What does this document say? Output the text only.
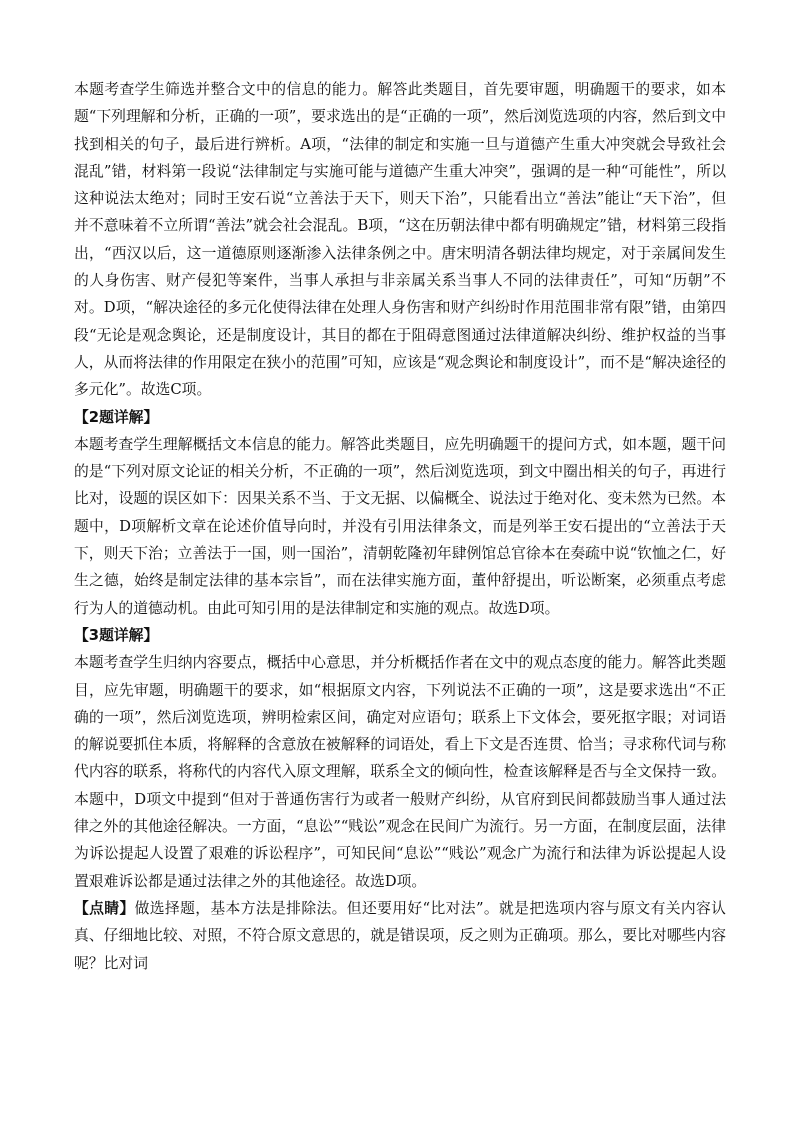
本题考查学生筛选并整合文中的信息的能力。解答此类题目，首先要审题，明确题干的要求，如本题“下列理解和分析，正确的一项”，要求选出的是“正确的一项”，然后浏览选项的内容，然后到文中找到相关的句子，最后进行辨析。A项，“法律的制定和实施一旦与道德产生重大冲突就会导致社会混乱”错，材料第一段说“法律制定与实施可能与道德产生重大冲突”，强调的是一种“可能性”，所以这种说法太绝对；同时王安石说“立善法于天下，则天下治”，只能看出立“善法”能让“天下治”，但并不意味着不立所谓“善法”就会社会混乱。B项，“这在历朝法律中都有明确规定”错，材料第三段指出，“西汉以后，这一道德原则逐渐渗入法律条例之中。唐宋明清各朝法律均规定，对于亲属间发生的人身伤害、财产侵犯等案件，当事人承担与非亲属关系当事人不同的法律责任”，可知“历朝”不对。D项，“解决途径的多元化使得法律在处理人身伤害和财产纠纷时作用范围非常有限”错，由第四段“无论是观念舆论，还是制度设计，其目的都在于阻碍意图通过法律道解决纠纷、维护权益的当事人，从而将法律的作用限定在狭小的范围”可知，应该是“观念舆论和制度设计”，而不是“解决途径的多元化”。故选C项。

【2题详解】

本题考查学生理解概括文本信息的能力。解答此类题目，应先明确题干的提问方式，如本题，题干问的是“下列对原文论证的相关分析，不正确的一项”，然后浏览选项，到文中圈出相关的句子，再进行比对，设题的误区如下：因果关系不当、于文无据、以偏概全、说法过于绝对化、变未然为已然。本题中，D项解析文章在论述价值导向时，并没有引用法律条文，而是列举王安石提出的“立善法于天下，则天下治；立善法于一国，则一国治”，清朝乾隆初年肆例馆总官徐本在奏疏中说“钦恤之仁，好生之德，始终是制定法律的基本宗旨”，而在法律实施方面，董仲舒提出，听讼断案，必须重点考虑行为人的道德动机。由此可知引用的是法律制定和实施的观点。故选D项。

【3题详解】

本题考查学生归纳内容要点，概括中心意思，并分析概括作者在文中的观点态度的能力。解答此类题目，应先审题，明确题干的要求，如“根据原文内容，下列说法不正确的一项”，这是要求选出“不正确的一项”，然后浏览选项，辨明检索区间，确定对应语句；联系上下文体会，要死抠字眼；对词语的解说要抓住本质，将解释的含意放在被解释的词语处，看上下文是否连贯、恰当；寻求称代词与称代内容的联系，将称代的内容代入原文理解，联系全文的倾向性，检查该解释是否与全文保持一致。本题中，D项文中提到“但对于普通伤害行为或者一般财产纠纷，从官府到民间都鼓励当事人通过法律之外的其他途径解决。一方面，“息讼”“贱讼”观念在民间广为流行。另一方面，在制度层面，法律为诉讼提起人设置了艰难的诉讼程序”，可知民间“息讼”“贱讼”观念广为流行和法律为诉讼提起人设置艰难诉讼都是通过法律之外的其他途径。故选D项。

【点睛】做选择题，基本方法是排除法。但还要用好“比对法”。就是把选项内容与原文有关内容认真、仔细地比较、对照，不符合原文意思的，就是错误项，反之则为正确项。那么，要比对哪些内容呢？比对词
